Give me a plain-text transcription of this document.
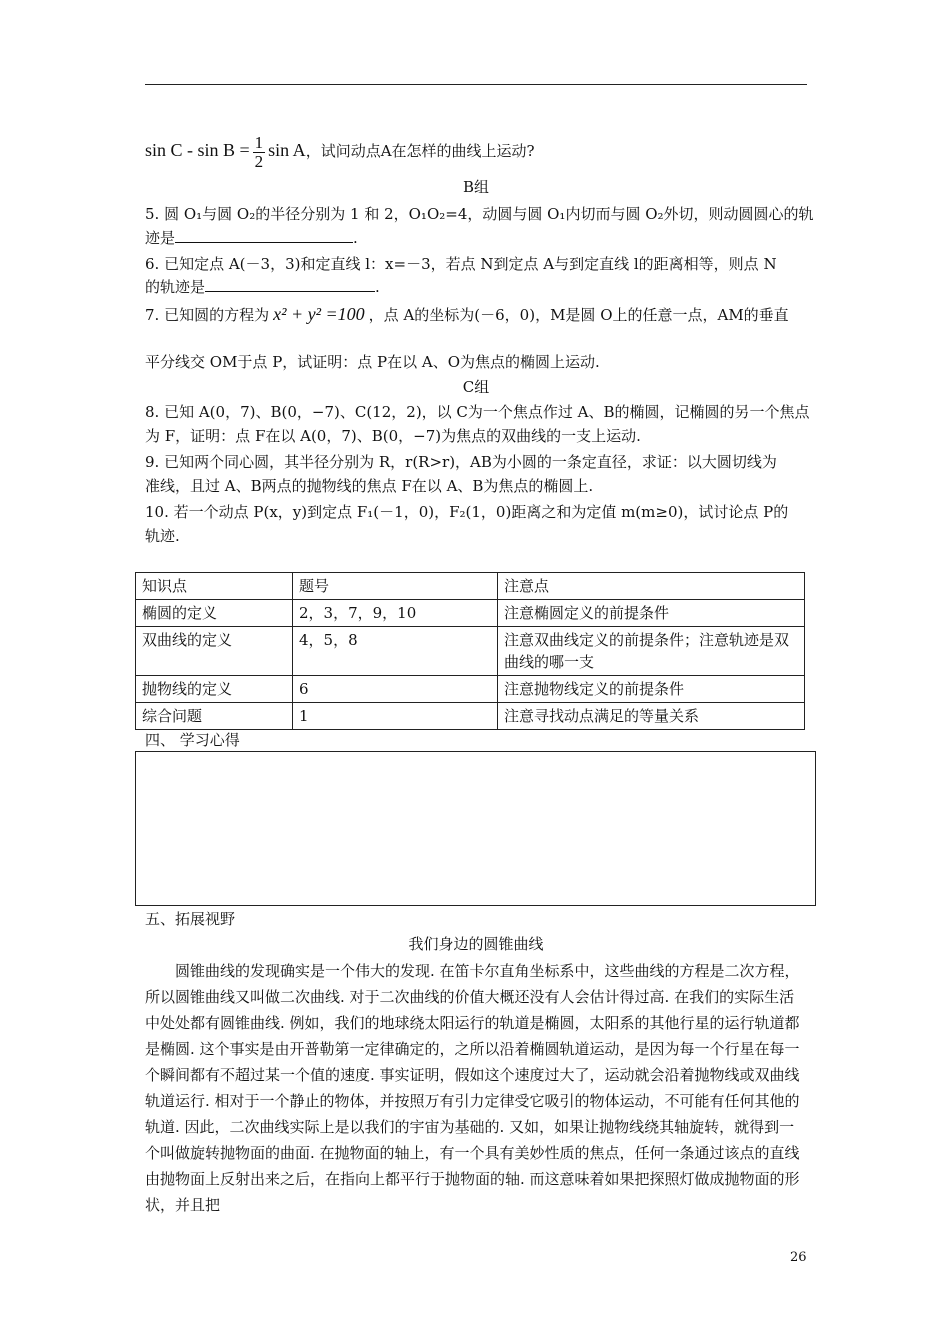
$\sin C - \sin B = \frac{1}{2}$ sin A，试问动点A在怎样的曲线上运动?
B组
5. 圆 O₁与圆 O₂的半径分别为 1 和 2，O₁O₂=4，动圆与圆 O₁内切而与圆 O₂外切，则动圆圆心的轨
迹是	.
6. 已知定点 A(－3，3)和定直线 l：x=－3，若点 N到定点 A与到定直线 l的距离相等，则点 N
的轨迹是	.
7. 已知圆的方程为 x² + y² =100 ，点 A的坐标为(－6，0)，M是圆 O上的任意一点，AM的垂直
平分线交 OM于点 P，试证明：点 P在以 A、O为焦点的椭圆上运动.
C组
8. 已知 A(0，7)、B(0，−7)、C(12，2)，以 C为一个焦点作过 A、B的椭圆，记椭圆的另一个焦点
为 F，证明：点 F在以 A(0，7)、B(0，−7)为焦点的双曲线的一支上运动.
9. 已知两个同心圆，其半径分别为 R，r(R>r)，AB为小圆的一条定直径，求证：以大圆切线为
准线，且过 A、B两点的抛物线的焦点 F在以 A、B为焦点的椭圆上.
10. 若一个动点 P(x，y)到定点 F₁(－1，0)，F₂(1，0)距离之和为定值 m(m≥0)，试讨论点 P的
轨迹.
知识点	题号	注意点
椭圆的定义	2，3，7，9，10	注意椭圆定义的前提条件
双曲线的定义	4，5，8	注意双曲线定义的前提条件；注意轨迹是双曲线的哪一支
抛物线的定义	6	注意抛物线定义的前提条件
综合问题	1	注意寻找动点满足的等量关系
四、 学习心得
五、拓展视野
我们身边的圆锥曲线

圆锥曲线的发现确实是一个伟大的发现. 在笛卡尔直角坐标系中，这些曲线的方程是二次方程，所以圆锥曲线又叫做二次曲线. 对于二次曲线的价值大概还没有人会估计得过高. 在我们的实际生活中处处都有圆锥曲线. 例如，我们的地球绕太阳运行的轨道是椭圆，太阳系的其他行星的运行轨道都是椭圆. 这个事实是由开普勒第一定律确定的，之所以沿着椭圆轨道运动，是因为每一个行星在每一个瞬间都有不超过某一个值的速度. 事实证明，假如这个速度过大了，运动就会沿着抛物线或双曲线轨道运行. 相对于一个静止的物体，并按照万有引力定律受它吸引的物体运动，不可能有任何其他的轨道. 因此，二次曲线实际上是以我们的宇宙为基础的. 又如，如果让抛物线绕其轴旋转，就得到一个叫做旋转抛物面的曲面. 在抛物面的轴上，有一个具有美妙性质的焦点，任何一条通过该点的直线由抛物面上反射出来之后，在指向上都平行于抛物面的轴. 而这意味着如果把探照灯做成抛物面的形状，并且把

26
